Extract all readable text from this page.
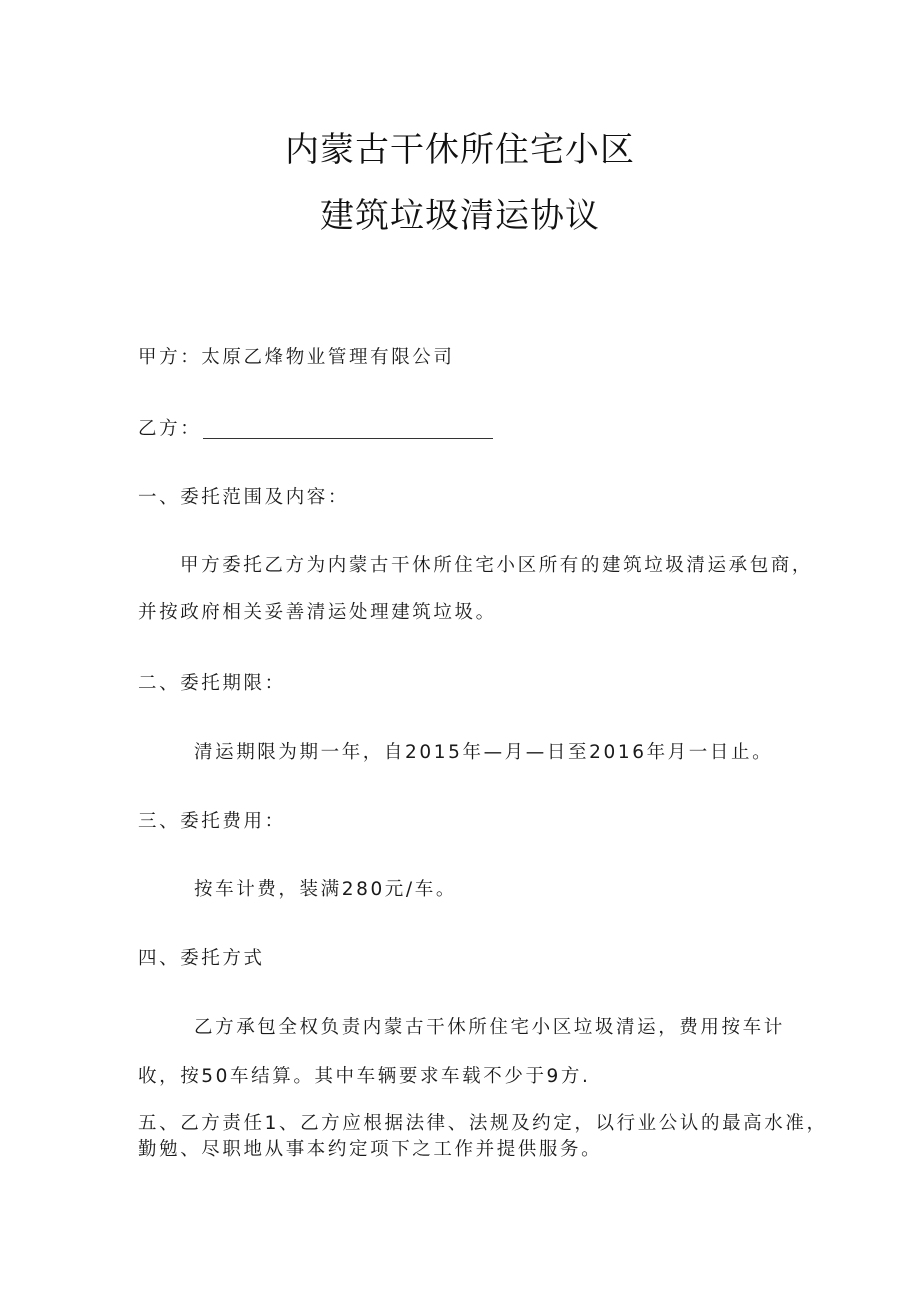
内蒙古干休所住宅小区
建筑垃圾清运协议
甲方：太原乙烽物业管理有限公司
乙方：
一、委托范围及内容：
甲方委托乙方为内蒙古干休所住宅小区所有的建筑垃圾清运承包商，
并按政府相关妥善清运处理建筑垃圾。
二、委托期限：
清运期限为期一年，自2015年—月—日至2016年月一日止。
三、委托费用：
按车计费，装满280元/车。
四、委托方式
乙方承包全权负责内蒙古干休所住宅小区垃圾清运，费用按车计
收，按50车结算。其中车辆要求车载不少于9方.
五、乙方责任1、乙方应根据法律、法规及约定，以行业公认的最高水准，
勤勉、尽职地从事本约定项下之工作并提供服务。
